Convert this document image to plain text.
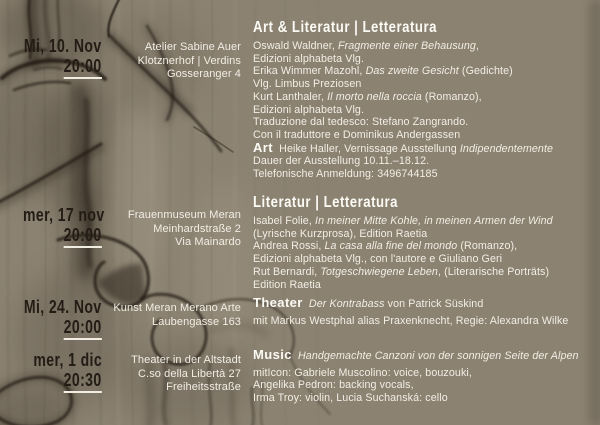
Mi, 10. Nov
20:00
Atelier Sabine Auer
Klotznerhof | Verdins
Gosseranger 4
mer, 17 nov
20:00
Frauenmuseum Meran
Meinhardstraße 2
Via Mainardo
Mi, 24. Nov
20:00
Kunst Meran Merano Arte
Laubengasse 163
mer, 1 dic
20:30
Theater in der Altstadt
C.so della Libertà 27
Freiheitsstraße
Art & Literatur | Letteratura
Oswald Waldner, Fragmente einer Behausung,
Edizioni alphabeta Vlg.
Erika Wimmer Mazohl, Das zweite Gesicht (Gedichte)
Vlg. Limbus Preziosen
Kurt Lanthaler, Il morto nella roccia (Romanzo),
Edizioni alphabeta Vlg.
Traduzione dal tedesco: Stefano Zangrando.
Con il traduttore e Dominikus Andergassen
Art  Heike Haller, Vernissage Ausstellung Indipendentemente
Dauer der Ausstellung 10.11.–18.12.
Telefonische Anmeldung: 3496744185
Literatur | Letteratura
Isabel Folie, In meiner Mitte Kohle, in meinen Armen der Wind
(Lyrische Kurzprosa), Edition Raetia
Andrea Rossi, La casa alla fine del mondo (Romanzo),
Edizioni alphabeta Vlg., con l'autore e Giuliano Geri
Rut Bernardi, Totgeschwiegene Leben, (Literarische Porträts)
Edition Raetia
Theater Der Kontrabass von Patrick Süskind
mit Markus Westphal alias Praxenknecht, Regie: Alexandra Wilke
Music Handgemachte Canzoni von der sonnigen Seite der Alpen
mitIcon: Gabriele Muscolino: voice, bouzouki,
Angelika Pedron: backing vocals,
Irma Troy: violin, Lucia Suchanská: cello
